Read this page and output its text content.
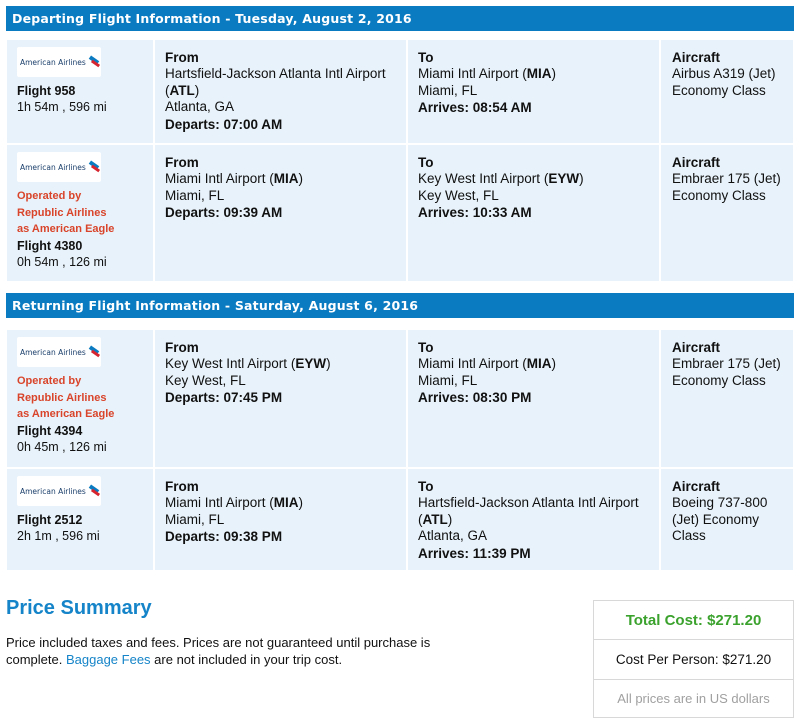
Departing Flight Information - Tuesday, August 2, 2016
American Airlines
Flight 958
1h 54m , 596 mi
From
Hartsfield-Jackson Atlanta Intl Airport (ATL)
Atlanta, GA
Departs: 07:00 AM
To
Miami Intl Airport (MIA)
Miami, FL
Arrives: 08:54 AM
Aircraft
Airbus A319 (Jet) Economy Class
American Airlines
Operated by
Republic Airlines
as American Eagle
Flight 4380
0h 54m , 126 mi
From
Miami Intl Airport (MIA)
Miami, FL
Departs: 09:39 AM
To
Key West Intl Airport (EYW)
Key West, FL
Arrives: 10:33 AM
Aircraft
Embraer 175 (Jet) Economy Class
Returning Flight Information - Saturday, August 6, 2016
American Airlines
Operated by
Republic Airlines
as American Eagle
Flight 4394
0h 45m , 126 mi
From
Key West Intl Airport (EYW)
Key West, FL
Departs: 07:45 PM
To
Miami Intl Airport (MIA)
Miami, FL
Arrives: 08:30 PM
Aircraft
Embraer 175 (Jet) Economy Class
American Airlines
Flight 2512
2h 1m , 596 mi
From
Miami Intl Airport (MIA)
Miami, FL
Departs: 09:38 PM
To
Hartsfield-Jackson Atlanta Intl Airport (ATL)
Atlanta, GA
Arrives: 11:39 PM
Aircraft
Boeing 737-800 (Jet) Economy Class
Price Summary
Price included taxes and fees. Prices are not guaranteed until purchase is complete. Baggage Fees are not included in your trip cost.
Total Cost: $271.20
Cost Per Person: $271.20
All prices are in US dollars
